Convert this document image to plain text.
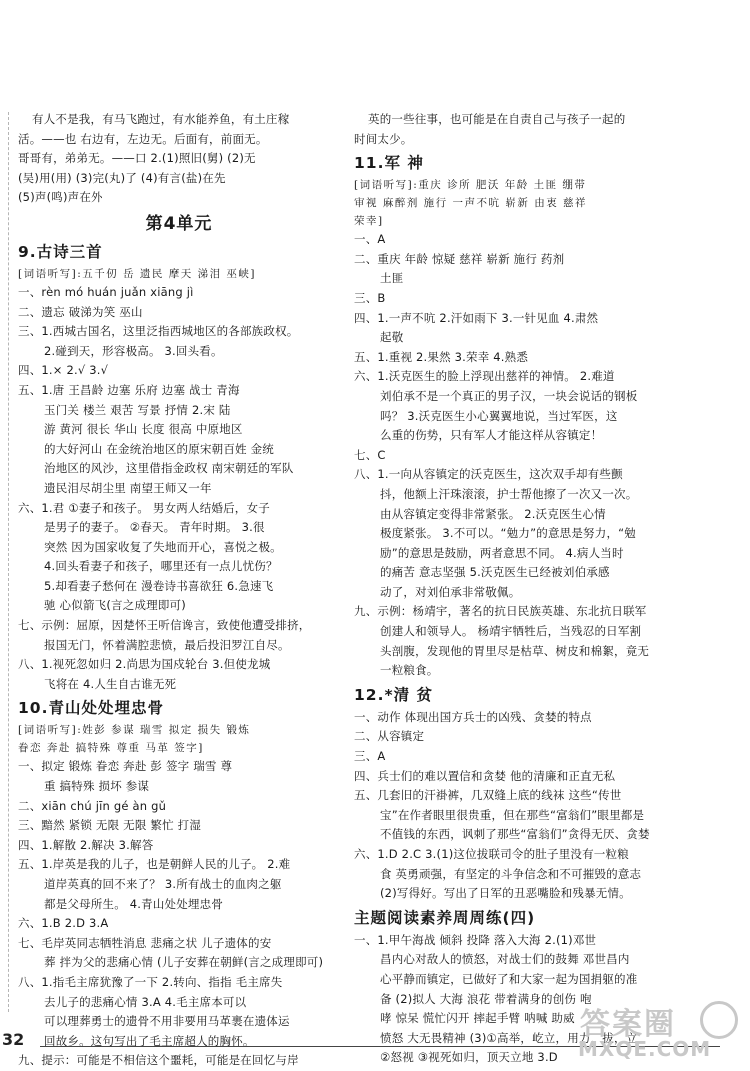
有人不是我，有马飞跑过，有水能养鱼，有土庄稼

活。——也 右边有，左边无。后面有，前面无。

哥哥有，弟弟无。——口 2.(1)照旧(舅) (2)无

(吴)用(用) (3)完(丸)了 (4)有言(盐)在先

(5)声(鸣)声在外

第4单元
9.古诗三首
[词语听写]:五千仞 岳 遗民 摩天 涕泪 巫峡]

一、rèn mó huán juǎn xiāng jì

二、遗忘 破涕为笑 巫山

三、1.西城古国名，这里泛指西城地区的各部族政权。

2.碰到天，形容极高。 3.回头看。

四、1.× 2.√ 3.√

五、1.唐 王昌龄 边塞 乐府 边塞 战士 青海

玉门关 楼兰 艰苦 写景 抒情 2.宋 陆

游 黄河 很长 华山 长度 很高 中原地区

的大好河山 在金统治地区的原宋朝百姓 金统

治地区的风沙，这里借指金政权 南宋朝廷的军队

遗民泪尽胡尘里 南望王师又一年

六、1.君 ①妻子和孩子。 男女两人结婚后，女子

是男子的妻子。 ②春天。 青年时期。 3.很

突然 因为国家收复了失地而开心，喜悦之极。

4.回头看妻子和孩子，哪里还有一点儿忧伤？

5.却看妻子愁何在 漫卷诗书喜欲狂 6.急速飞

驰 心似箭飞(言之成理即可)

七、示例：屈原，因楚怀王听信谗言，致使他遭受排挤，

报国无门，怀着满腔悲愤，最后投汨罗江自尽。

八、1.视死忽如归 2.尚思为国戍轮台 3.但使龙城

飞将在 4.人生自古谁无死

10.青山处处埋忠骨
[词语听写]:姓彭 参谋 瑞雪 拟定 损失 锻炼
眷恋 奔赴 搞特殊 尊重 马革 签字]

一、拟定 锻炼 眷恋 奔赴 彭 签字 瑞雪 尊

重 搞特殊 损坏 参谋

二、xiān chú jīn gé àn gǔ

三、黯然 紧锁 无限 无限 繁忙 打湿

四、1.解散 2.解决 3.解答

五、1.岸英是我的儿子，也是朝鲜人民的儿子。 2.难

道岸英真的回不来了？ 3.所有战士的血肉之躯

都是父母所生。 4.青山处处埋忠骨

六、1.B 2.D 3.A

七、毛岸英同志牺牲消息 悲痛之状 儿子遗体的安

葬 拌为父的悲痛心情 (儿子安葬在朝鲜(言之成理即可)

八、1.指毛主席犹豫了一下 2.转向、指指 毛主席失

去儿子的悲痛心情 3.A 4.毛主席本可以

可以理葬勇士的遗骨不用非要用马革裹在遗体运

回故乡。这句写出了毛主席超人的胸怀。

九、提示：可能是不相信这个噩耗，可能是在回忆与岸

英的一些往事，也可能是在自责自己与孩子一起的

时间太少。

11.军 神
[词语听写]:重庆 诊所 肥沃 年龄 土匪 绷带
审视 麻醉剂 施行 一声不吭 崭新 由衷 慈祥
荣幸]

一、A

二、重庆 年龄 惊疑 慈祥 崭新 施行 药剂

土匪

三、B

四、1.一声不吭 2.汗如雨下 3.一针见血 4.肃然

起敬

五、1.重视 2.果然 3.荣幸 4.熟悉

六、1.沃克医生的脸上浮现出慈祥的神情。 2.难道

刘伯承不是一个真正的男子汉，一块会说话的钢板

吗？ 3.沃克医生小心翼翼地说，当过军医，这

么重的伤势，只有军人才能这样从容镇定！

七、C

八、1.一向从容镇定的沃克医生，这次双手却有些颤

抖，他额上汗珠滚滚，护士帮他擦了一次又一次。

由从容镇定变得非常紧张。 2.沃克医生心情

极度紧张。 3.不可以。“勉力”的意思是努力，“勉

励”的意思是鼓励，两者意思不同。 4.病人当时

的痛苦 意志坚强 5.沃克医生已经被刘伯承感

动了，对刘伯承非常敬佩。

九、示例：杨靖宇，著名的抗日民族英雄、东北抗日联军

创建人和领导人。 杨靖宇牺牲后，当残忍的日军割

头剖腹，发现他的胃里尽是枯草、树皮和棉絮，竟无

一粒粮食。

12.*清 贫

一、动作 体现出国方兵士的凶残、贪婪的特点

二、从容镇定

三、A

四、兵士们的难以置信和贪婪 他的清廉和正直无私

五、几套旧的汗褂裤，几双缝上底的线袜 这些“传世

宝”在作者眼里很贵重，但在那些“富翁们”眼里都是

不值钱的东西，讽刺了那些“富翁们”贪得无厌、贪婪

六、1.D 2.C 3.(1)这位拔联司令的肚子里没有一粒粮

食 英勇顽强，有坚定的斗争信念和不可摧毁的意志

(2)写得好。写出了日军的丑恶嘴脸和残暴无情。

主题阅读素养周周练(四)

一、1.甲午海战 倾斜 投降 落入大海 2.(1)邓世

昌内心对敌人的愤怒，对战士们的鼓舞 邓世昌内

心平静而镇定，已做好了和大家一起为国捐躯的准

备 (2)拟人 大海 浪花 带着满身的创伤 咆

哮 惊呆 慌忙闪开 摔起手臂 呐喊 助威

愤怒 大无畏精神 (3)①高举，屹立，用力，拔，立

②怒视 ③视死如归，顶天立地 3.D

32	答案圈
MXQE.COM
